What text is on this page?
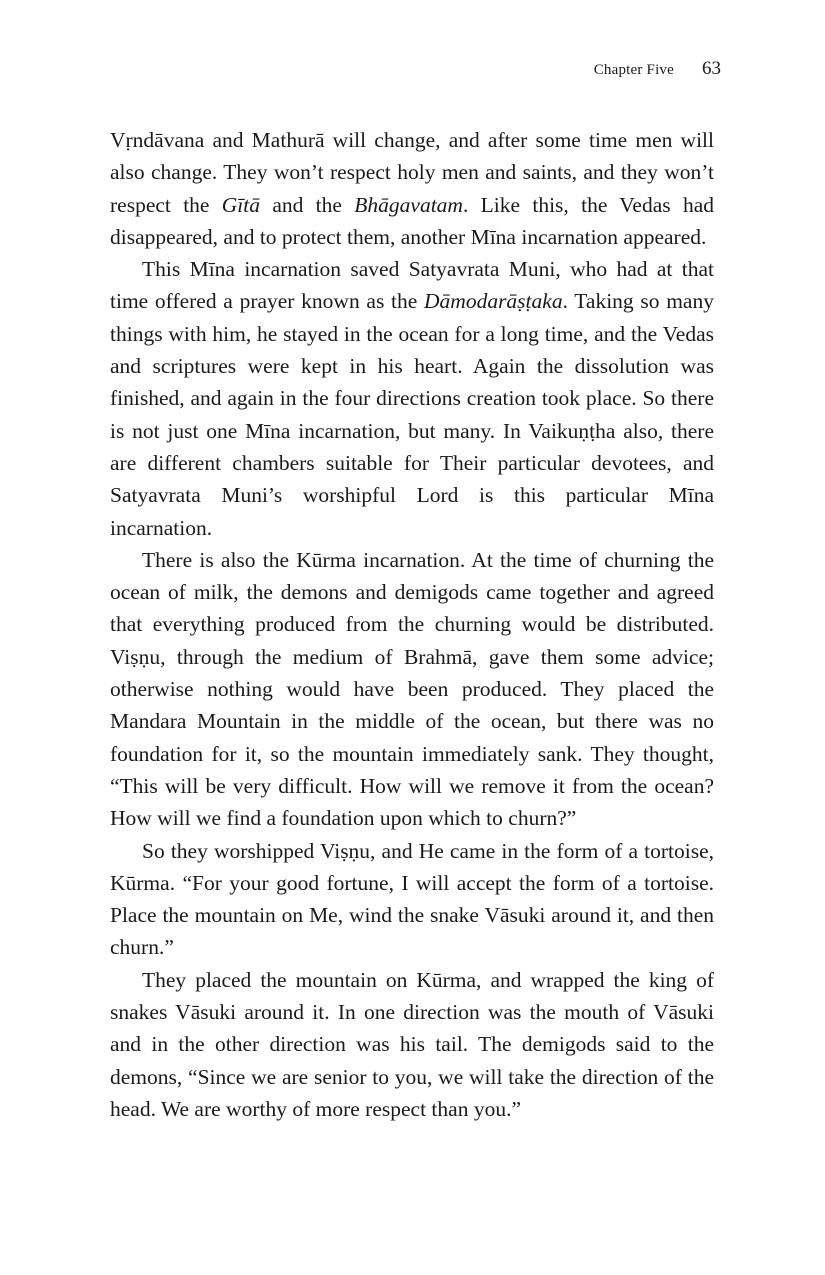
Chapter Five 63

Vṛndāvana and Mathurā will change, and after some time men will also change. They won’t respect holy men and saints, and they won’t respect the Gītā and the Bhāgavatam. Like this, the Vedas had disappeared, and to protect them, another Mīna incarnation appeared.

This Mīna incarnation saved Satyavrata Muni, who had at that time offered a prayer known as the Dāmodarāṣṭaka. Taking so many things with him, he stayed in the ocean for a long time, and the Vedas and scriptures were kept in his heart. Again the dissolution was finished, and again in the four directions creation took place. So there is not just one Mīna incarnation, but many. In Vaikuṇṭha also, there are different chambers suitable for Their particular devotees, and Satyavrata Muni’s worshipful Lord is this particular Mīna incarnation.

There is also the Kūrma incarnation. At the time of churning the ocean of milk, the demons and demigods came together and agreed that everything produced from the churning would be distributed. Viṣṇu, through the medium of Brahmā, gave them some advice; otherwise nothing would have been produced. They placed the Mandara Mountain in the middle of the ocean, but there was no foundation for it, so the mountain immediately sank. They thought, “This will be very difficult. How will we remove it from the ocean? How will we find a foundation upon which to churn?”

So they worshipped Viṣṇu, and He came in the form of a tortoise, Kūrma. “For your good fortune, I will accept the form of a tortoise. Place the mountain on Me, wind the snake Vāsuki around it, and then churn.”

They placed the mountain on Kūrma, and wrapped the king of snakes Vāsuki around it. In one direction was the mouth of Vāsuki and in the other direction was his tail. The demigods said to the demons, “Since we are senior to you, we will take the direction of the head. We are worthy of more respect than you.”
